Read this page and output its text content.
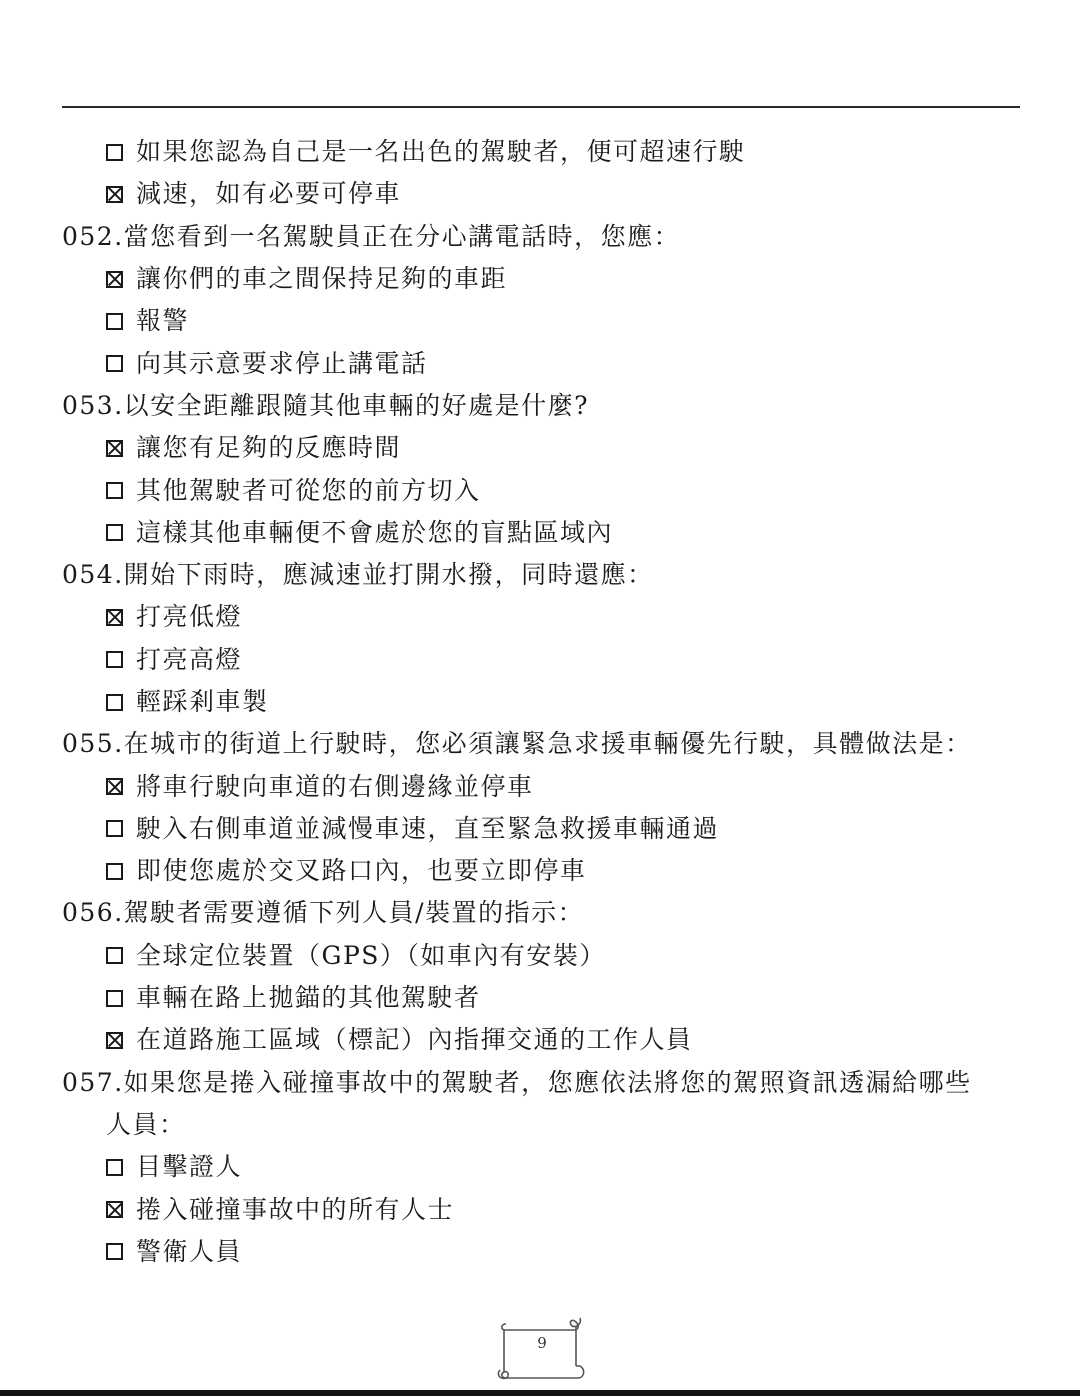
如果您認為自己是一名出色的駕駛者，便可超速行駛
減速，如有必要可停車
052.當您看到一名駕駛員正在分心講電話時，您應：
讓你們的車之間保持足夠的車距
報警
向其示意要求停止講電話
053.以安全距離跟隨其他車輛的好處是什麼?
讓您有足夠的反應時間
其他駕駛者可從您的前方切入
這樣其他車輛便不會處於您的盲點區域內
054.開始下雨時，應減速並打開水撥，同時還應：
打亮低燈
打亮高燈
輕踩剎車製
055.在城市的街道上行駛時，您必須讓緊急求援車輛優先行駛，具體做法是：
將車行駛向車道的右側邊緣並停車
駛入右側車道並減慢車速，直至緊急救援車輛通過
即使您處於交叉路口內，也要立即停車
056.駕駛者需要遵循下列人員/裝置的指示：
全球定位裝置（GPS）（如車內有安裝）
車輛在路上拋錨的其他駕駛者
在道路施工區域（標記）內指揮交通的工作人員
057.如果您是捲入碰撞事故中的駕駛者，您應依法將您的駕照資訊透漏給哪些
人員：
目擊證人
捲入碰撞事故中的所有人士
警衛人員
9
